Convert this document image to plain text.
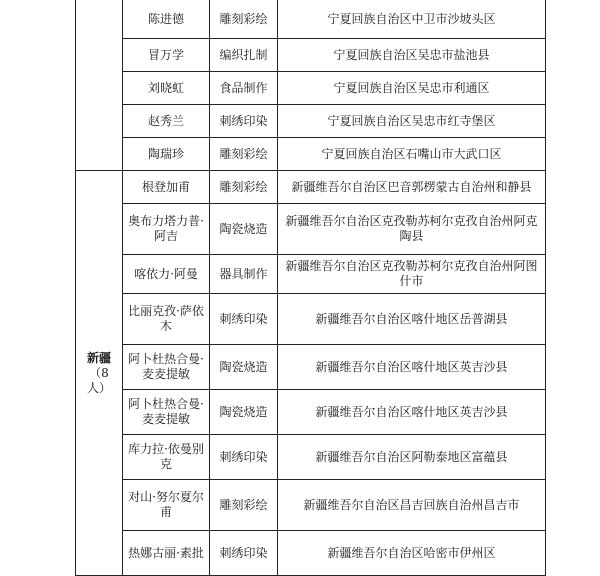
	陈进德	雕刻彩绘	宁夏回族自治区中卫市沙坡头区
	冒万学	编织扎制	宁夏回族自治区吴忠市盐池县
	刘晓虹	食品制作	宁夏回族自治区吴忠市利通区
	赵秀兰	刺绣印染	宁夏回族自治区吴忠市红寺堡区
	陶瑞珍	雕刻彩绘	宁夏回族自治区石嘴山市大武口区

新疆
（8 人）	根登加甫	雕刻彩绘	新疆维吾尔自治区巴音郭楞蒙古自治州和静县
	奥布力塔力普·阿吉	陶瓷烧造	新疆维吾尔自治区克孜勒苏柯尔克孜自治州阿克陶县
	喀依力·阿曼	器具制作	新疆维吾尔自治区克孜勒苏柯尔克孜自治州阿图什市
	比丽克孜·萨依木	刺绣印染	新疆维吾尔自治区喀什地区岳普湖县
	阿卜杜热合曼·麦麦提敏	陶瓷烧造	新疆维吾尔自治区喀什地区英吉沙县
	阿卜杜热合曼·麦麦提敏	陶瓷烧造	新疆维吾尔自治区喀什地区英吉沙县
	库力拉·依曼别克	刺绣印染	新疆维吾尔自治区阿勒泰地区富蕴县
	对山·努尔夏尔甫	雕刻彩绘	新疆维吾尔自治区昌吉回族自治州昌吉市
	热娜古丽·素批	刺绣印染	新疆维吾尔自治区哈密市伊州区
